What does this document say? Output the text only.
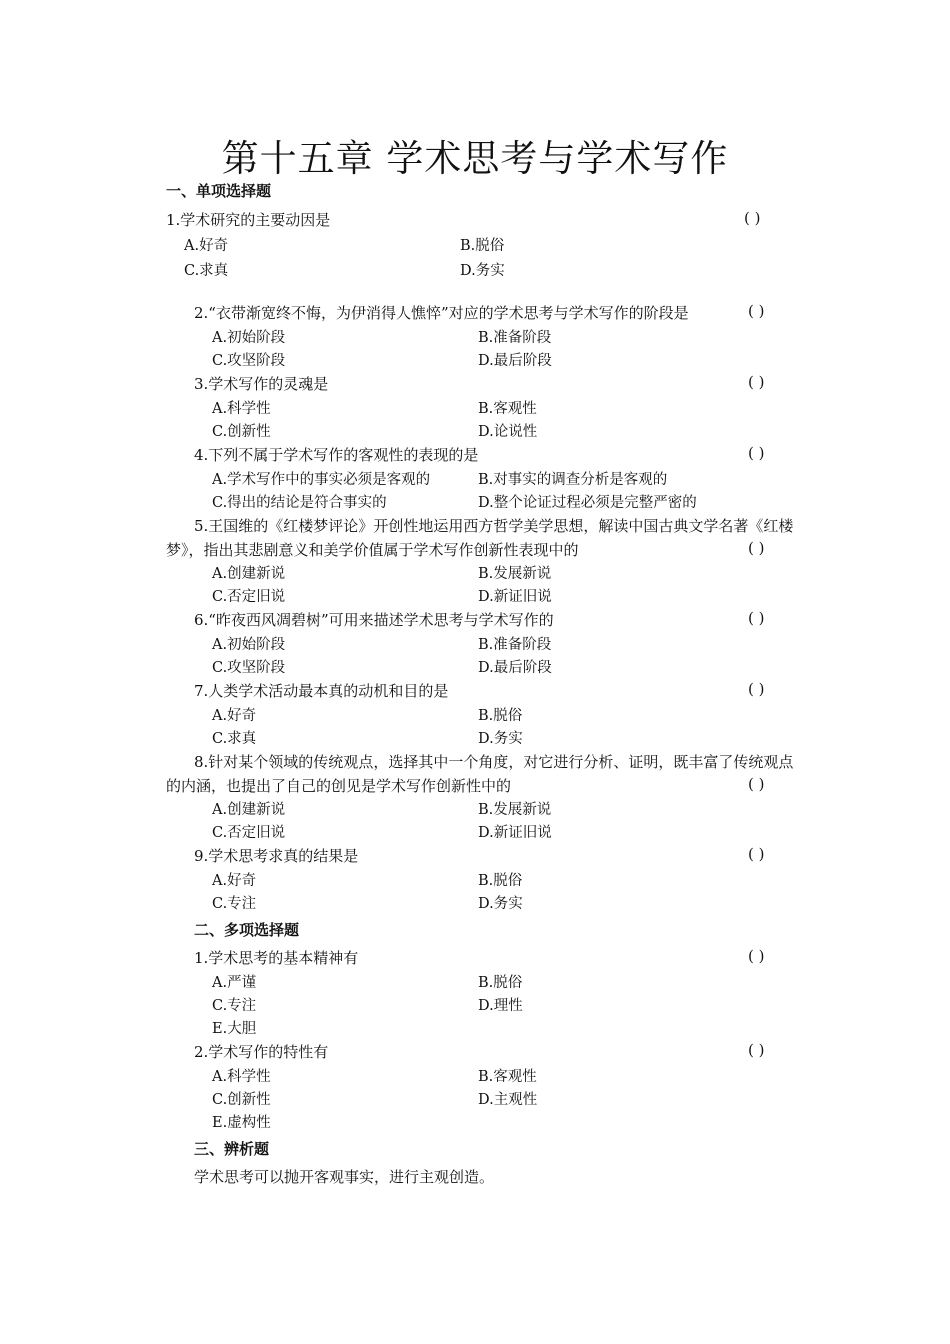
第十五章 学术思考与学术写作
一、单项选择题
1.学术研究的主要动因是	( )
A.好奇	B.脱俗
C.求真	D.务实
2.“衣带渐宽终不悔，为伊消得人憔悴”对应的学术思考与学术写作的阶段是	( )
A.初始阶段	B.准备阶段
C.攻坚阶段	D.最后阶段
3.学术写作的灵魂是	( )
A.科学性	B.客观性
C.创新性	D.论说性
4.下列不属于学术写作的客观性的表现的是	( )
A.学术写作中的事实必须是客观的	B.对事实的调查分析是客观的
C.得出的结论是符合事实的	D.整个论证过程必须是完整严密的
5.王国维的《红楼梦评论》开创性地运用西方哲学美学思想，解读中国古典文学名著《红楼
梦》，指出其悲剧意义和美学价值属于学术写作创新性表现中的	( )
A.创建新说	B.发展新说
C.否定旧说	D.新证旧说
6.“昨夜西风凋碧树”可用来描述学术思考与学术写作的	( )
A.初始阶段	B.准备阶段
C.攻坚阶段	D.最后阶段
7.人类学术活动最本真的动机和目的是	( )
A.好奇	B.脱俗
C.求真	D.务实
8.针对某个领域的传统观点，选择其中一个角度，对它进行分析、证明，既丰富了传统观点
的内涵，也提出了自己的创见是学术写作创新性中的	( )
A.创建新说	B.发展新说
C.否定旧说	D.新证旧说
9.学术思考求真的结果是	( )
A.好奇	B.脱俗
C.专注	D.务实
二、多项选择题
1.学术思考的基本精神有	( )
A.严谨	B.脱俗
C.专注	D.理性
E.大胆
2.学术写作的特性有	( )
A.科学性	B.客观性
C.创新性	D.主观性
E.虚构性
三、辨析题
学术思考可以抛开客观事实，进行主观创造。
